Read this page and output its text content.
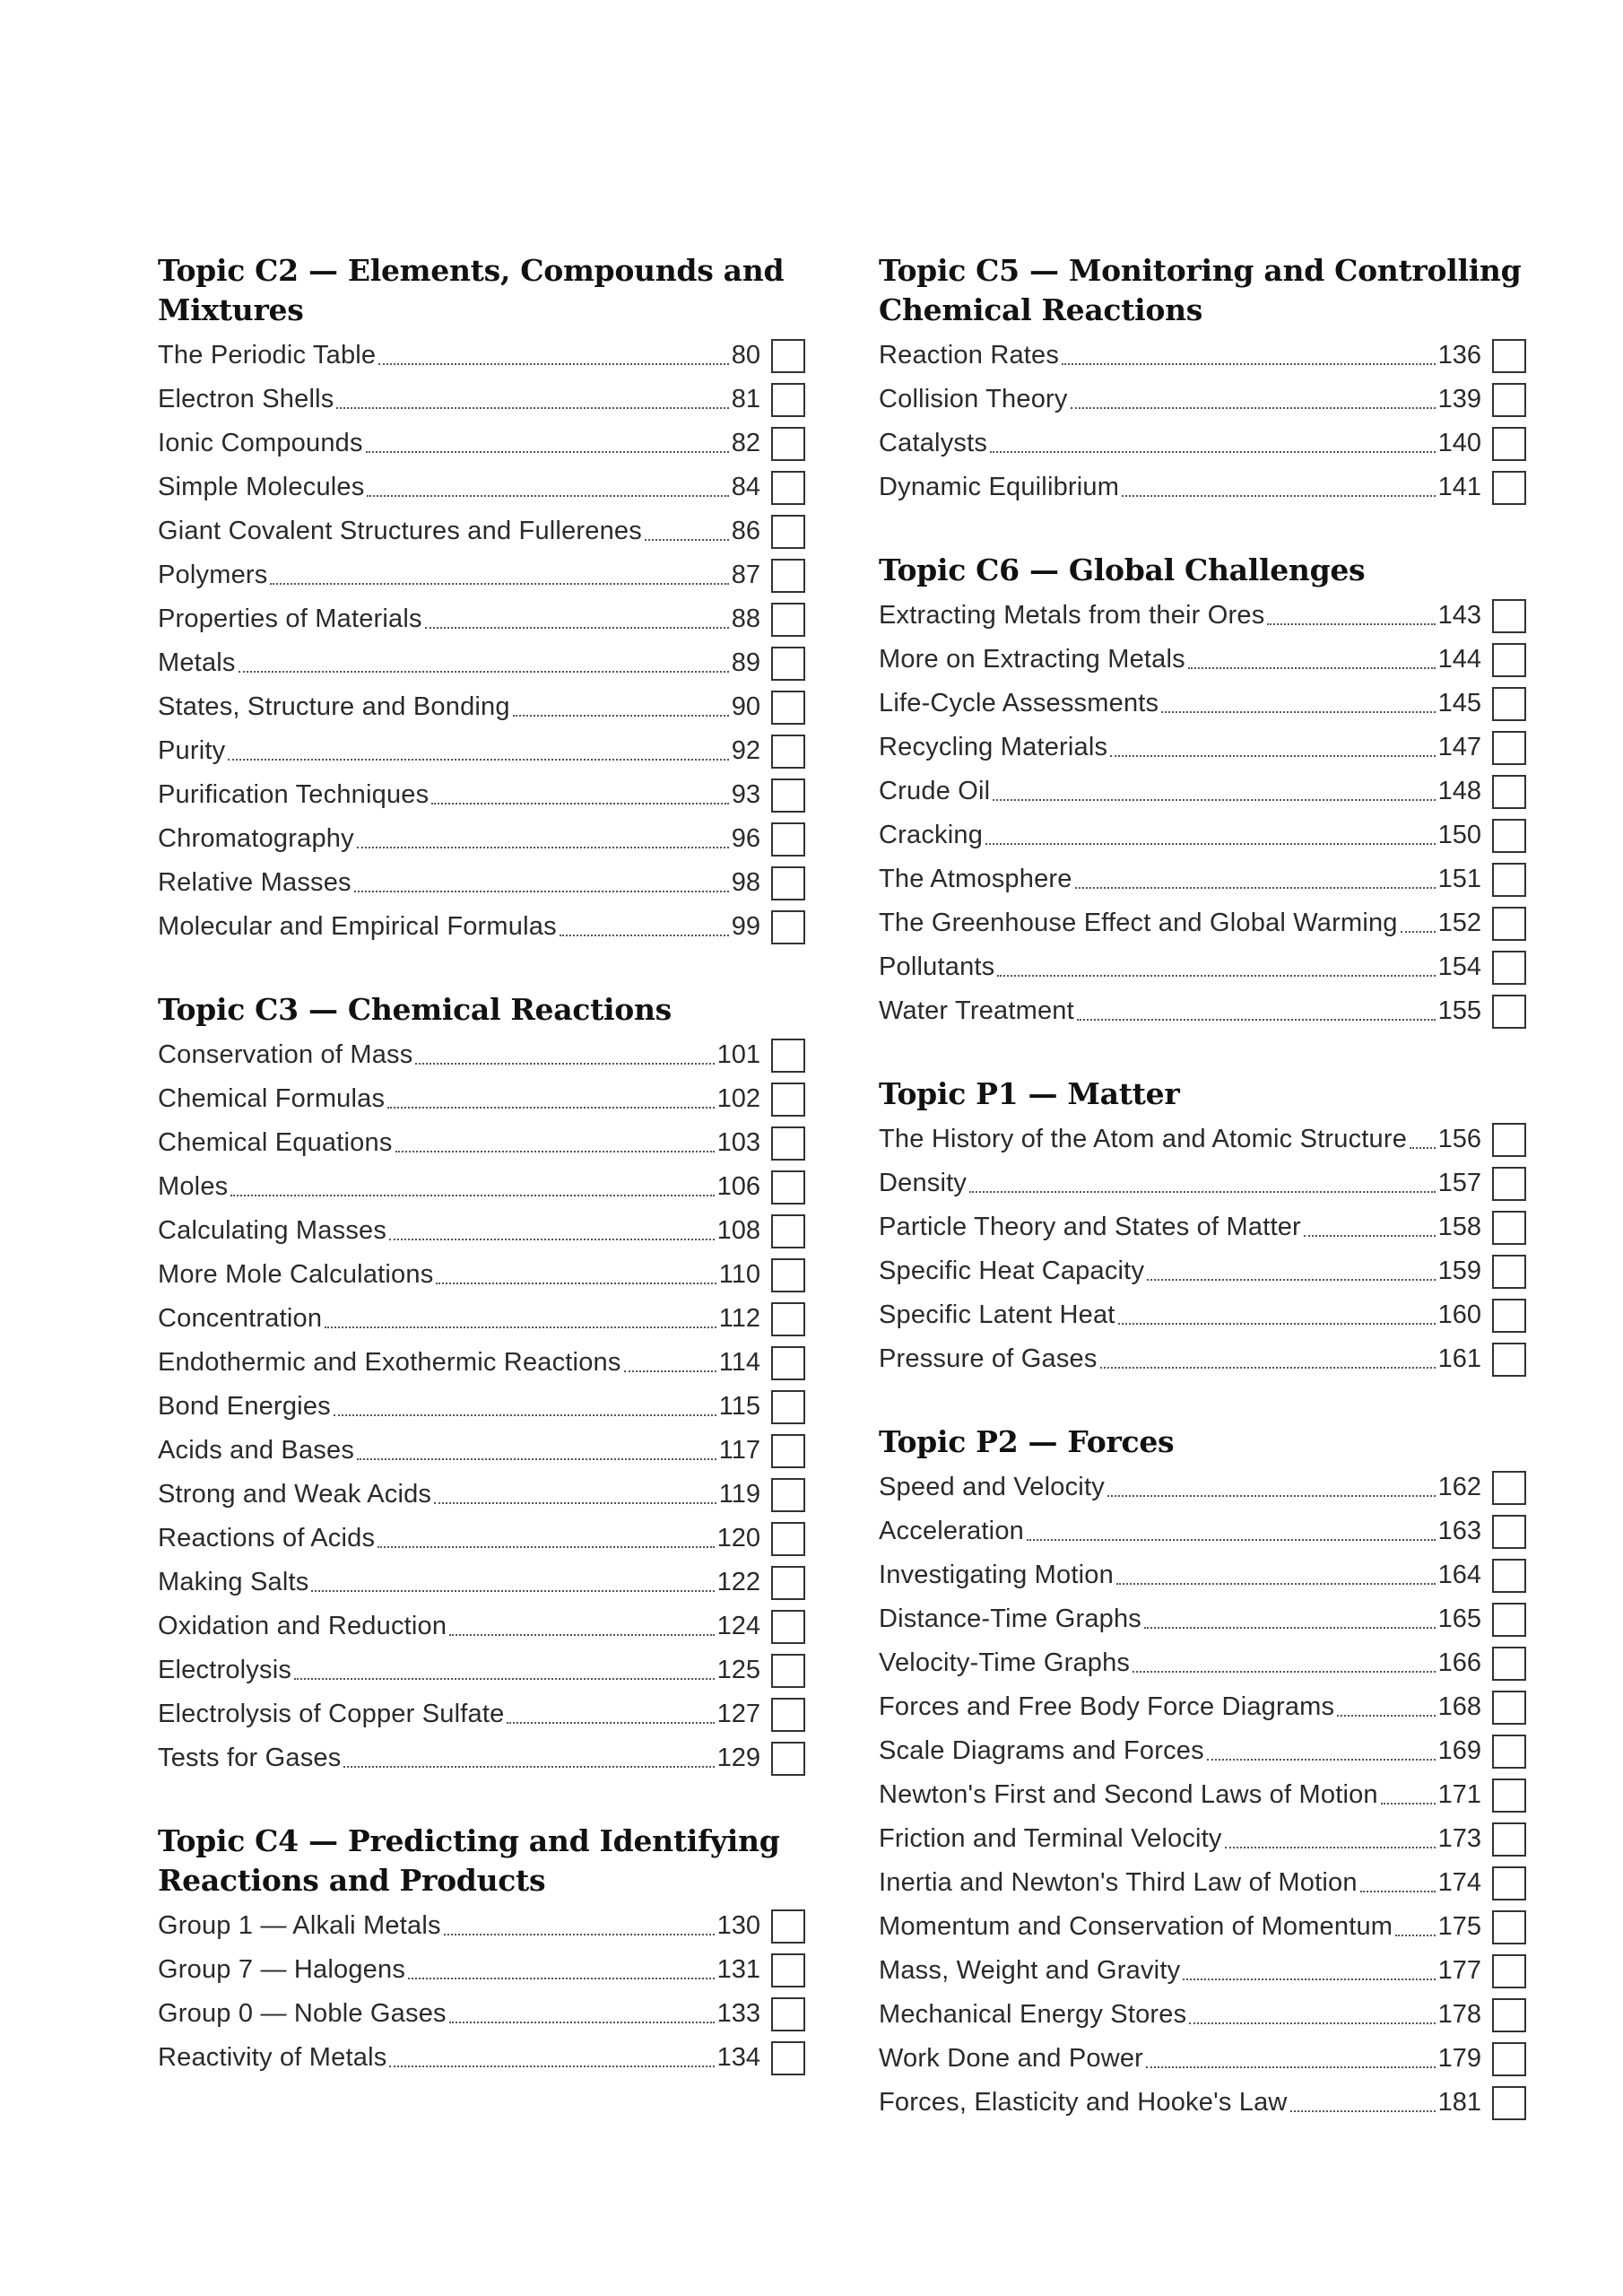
Topic C2 — Elements, Compounds and Mixtures
The Periodic Table	80
Electron Shells	81
Ionic Compounds	82
Simple Molecules	84
Giant Covalent Structures and Fullerenes	86
Polymers	87
Properties of Materials	88
Metals	89
States, Structure and Bonding	90
Purity	92
Purification Techniques	93
Chromatography	96
Relative Masses	98
Molecular and Empirical Formulas	99
Topic C3 — Chemical Reactions
Conservation of Mass	101
Chemical Formulas	102
Chemical Equations	103
Moles	106
Calculating Masses	108
More Mole Calculations	110
Concentration	112
Endothermic and Exothermic Reactions	114
Bond Energies	115
Acids and Bases	117
Strong and Weak Acids	119
Reactions of Acids	120
Making Salts	122
Oxidation and Reduction	124
Electrolysis	125
Electrolysis of Copper Sulfate	127
Tests for Gases	129
Topic C4 — Predicting and Identifying Reactions and Products
Group 1 — Alkali Metals	130
Group 7 — Halogens	131
Group 0 — Noble Gases	133
Reactivity of Metals	134
Topic C5 — Monitoring and Controlling Chemical Reactions
Reaction Rates	136
Collision Theory	139
Catalysts	140
Dynamic Equilibrium	141
Topic C6 — Global Challenges
Extracting Metals from their Ores	143
More on Extracting Metals	144
Life-Cycle Assessments	145
Recycling Materials	147
Crude Oil	148
Cracking	150
The Atmosphere	151
The Greenhouse Effect and Global Warming 152
Pollutants	154
Water Treatment	155
Topic P1 — Matter
The History of the Atom and Atomic Structure 156
Density	157
Particle Theory and States of Matter	158
Specific Heat Capacity	159
Specific Latent Heat	160
Pressure of Gases	161
Topic P2 — Forces
Speed and Velocity	162
Acceleration	163
Investigating Motion	164
Distance-Time Graphs	165
Velocity-Time Graphs	166
Forces and Free Body Force Diagrams	168
Scale Diagrams and Forces	169
Newton's First and Second Laws of Motion 171
Friction and Terminal Velocity	173
Inertia and Newton's Third Law of Motion	174
Momentum and Conservation of Momentum 175
Mass, Weight and Gravity	177
Mechanical Energy Stores	178
Work Done and Power	179
Forces, Elasticity and Hooke's Law	181
